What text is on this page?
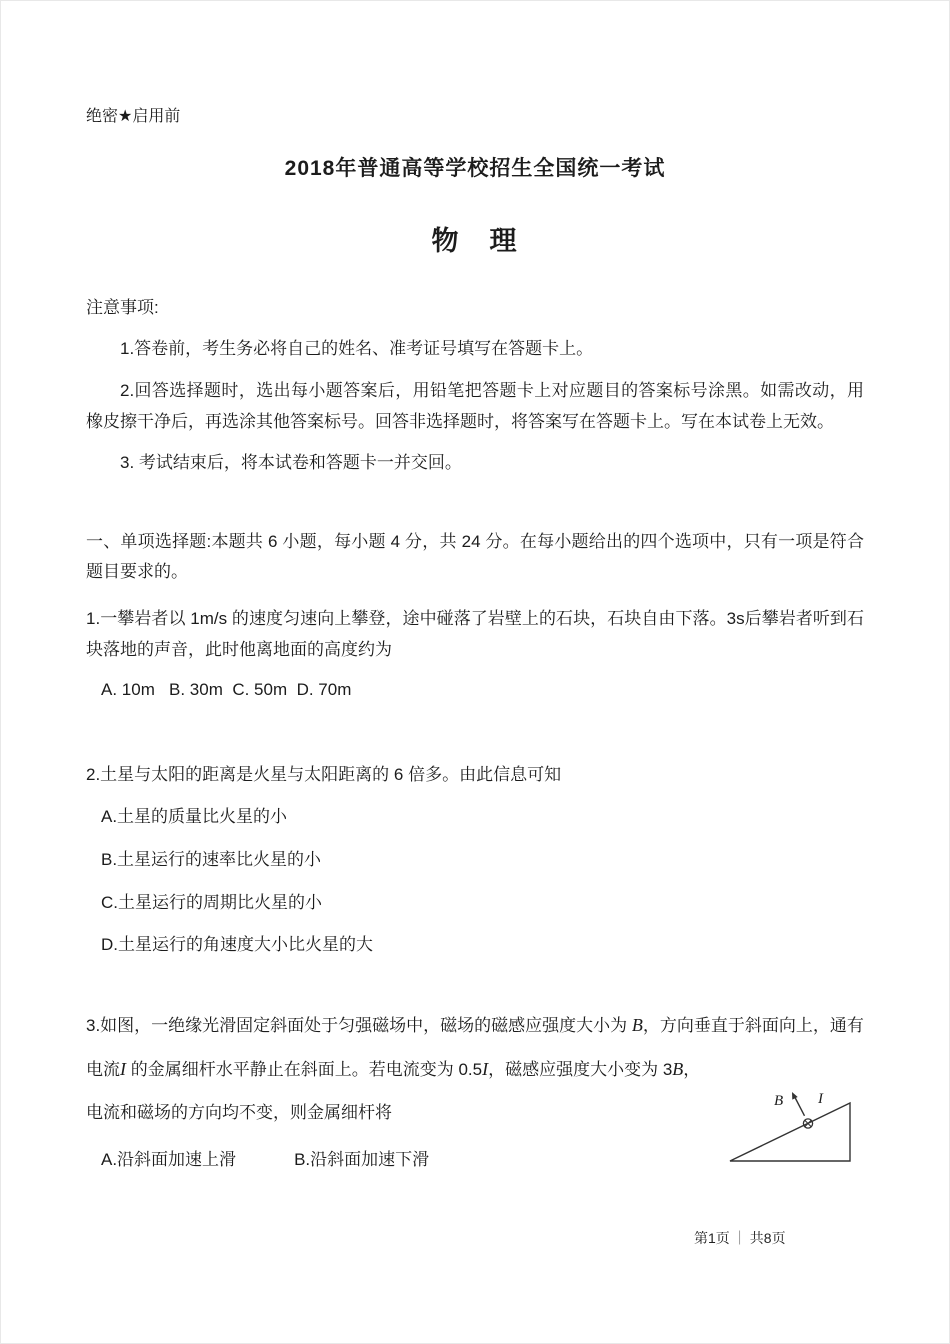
绝密★启用前
2018年普通高等学校招生全国统一考试
物　理
注意事项:
1.答卷前，考生务必将自己的姓名、准考证号填写在答题卡上。
2.回答选择题时，选出每小题答案后，用铅笔把答题卡上对应题目的答案标号涂黑。如需改动，用橡皮擦干净后，再选涂其他答案标号。回答非选择题时，将答案写在答题卡上。写在本试卷上无效。
3. 考试结束后，将本试卷和答题卡一并交回。
一、单项选择题:本题共 6 小题，每小题 4 分，共 24 分。在每小题给出的四个选项中，只有一项是符合题目要求的。
1.一攀岩者以 1m/s 的速度匀速向上攀登，途中碰落了岩壁上的石块，石块自由下落。3s后攀岩者听到石块落地的声音，此时他离地面的高度约为
A. 10m   B. 30m  C. 50m  D. 70m
2.土星与太阳的距离是火星与太阳距离的 6 倍多。由此信息可知
A.土星的质量比火星的小
B.土星运行的速率比火星的小
C.土星运行的周期比火星的小
D.土星运行的角速度大小比火星的大
3.如图，一绝缘光滑固定斜面处于匀强磁场中，磁场的磁感应强度大小为 B，方向垂直于斜面向上，通有
电流I 的金属细杆水平静止在斜面上。若电流变为 0.5I，磁感应强度大小变为 3B，
电流和磁场的方向均不变，则金属细杆将
A.沿斜面加速上滑	B.沿斜面加速下滑
B I
第1页 ｜ 共8页
